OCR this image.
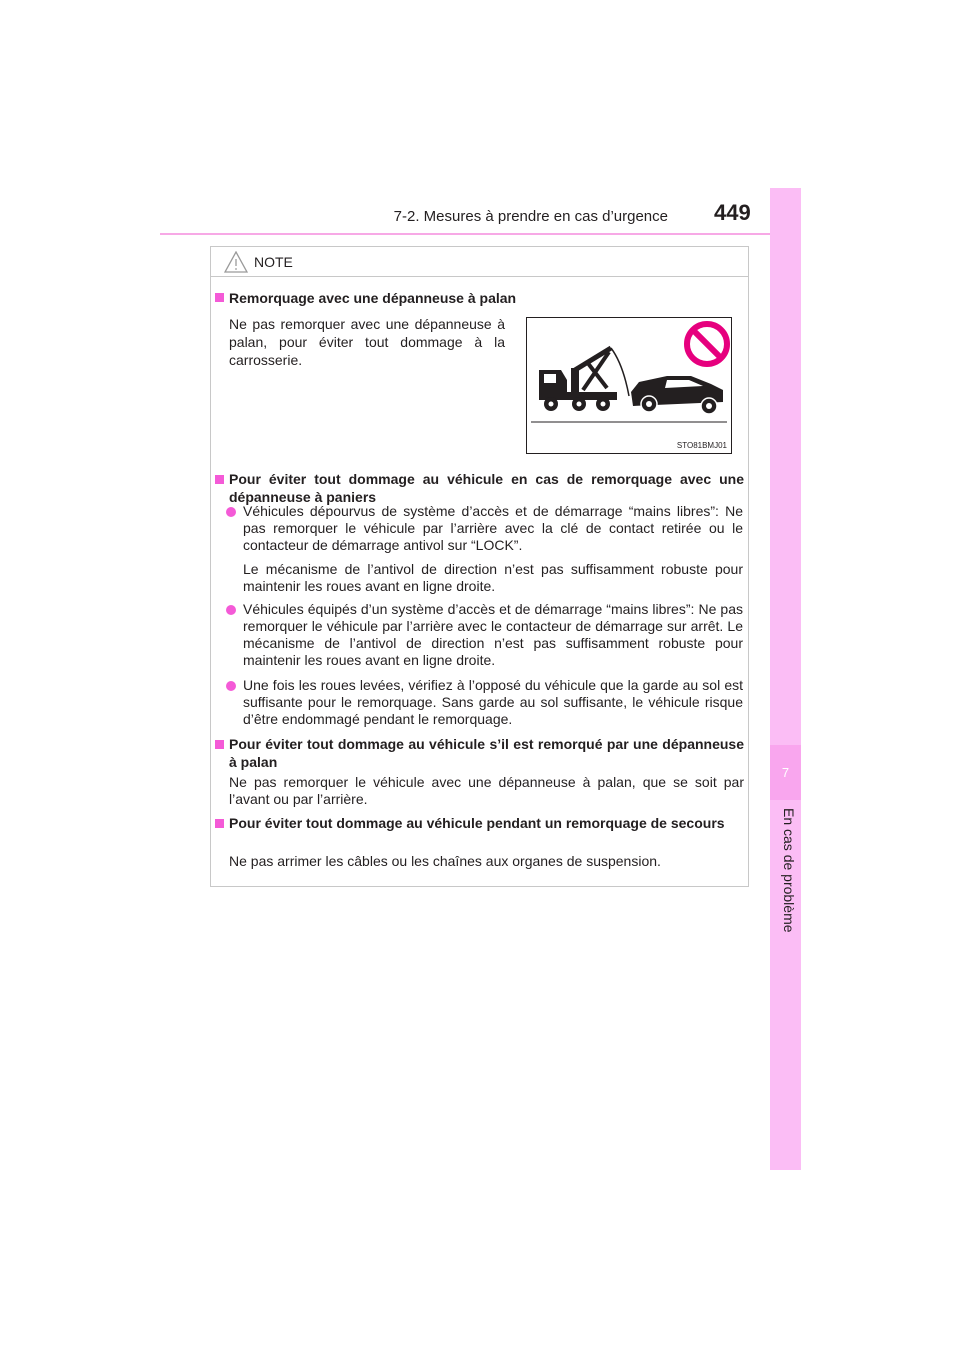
7-2. Mesures à prendre en cas d’urgence 449
7
En cas de problème
NOTE
Remorquage avec une dépanneuse à palan
Ne pas remorquer avec une dépanneuse à palan, pour éviter tout dommage à la carrosserie.
STO81BMJ01
Pour éviter tout dommage au véhicule en cas de remorquage avec une dépanneuse à paniers
Véhicules dépourvus de système d’accès et de démarrage “mains libres”: Ne pas remorquer le véhicule par l’arrière avec la clé de contact retirée ou le contacteur de démarrage antivol sur “LOCK”.
Le mécanisme de l’antivol de direction n’est pas suffisamment robuste pour maintenir les roues avant en ligne droite.
Véhicules équipés d’un système d’accès et de démarrage “mains libres”: Ne pas remorquer le véhicule par l’arrière avec le contacteur de démarrage sur arrêt. Le mécanisme de l’antivol de direction n’est pas suffisamment robuste pour maintenir les roues avant en ligne droite.
Une fois les roues levées, vérifiez à l’opposé du véhicule que la garde au sol est suffisante pour le remorquage. Sans garde au sol suffisante, le véhicule risque d’être endommagé pendant le remorquage.
Pour éviter tout dommage au véhicule s’il est remorqué par une dépanneuse à palan
Ne pas remorquer le véhicule avec une dépanneuse à palan, que se soit par l’avant ou par l’arrière.
Pour éviter tout dommage au véhicule pendant un remorquage de secours
Ne pas arrimer les câbles ou les chaînes aux organes de suspension.
